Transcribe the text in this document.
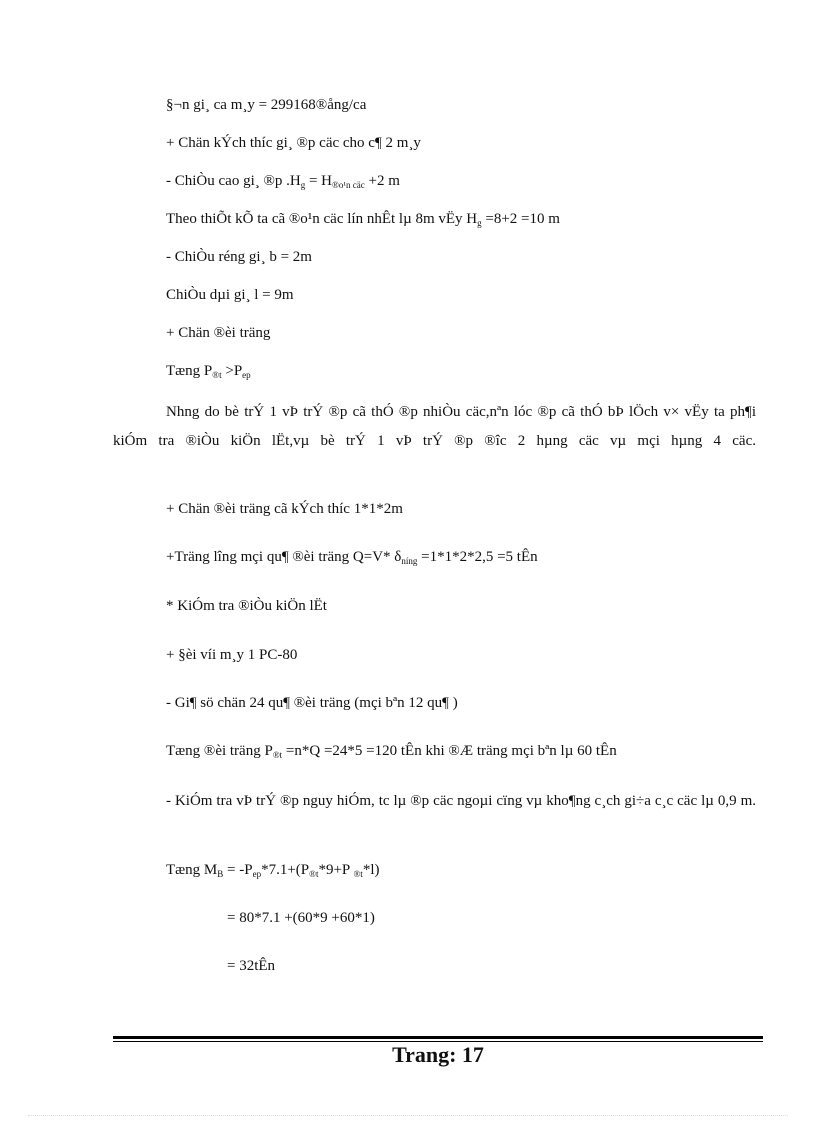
§¬n gi¸ ca m¸y = 299168®ång/ca
+ Chän kÝch thíc gi¸ ®p cäc cho c¶ 2 m¸y
- ChiÒu cao gi¸ ®p $.H_g = H_{®o^1n cäc} +2$ m
Theo thiÕt kÕ ta cã ®o¹n cäc lín nhÊt lµ 8m vËy $H_g =8+2 =10$ m
- ChiÒu réng gi¸ b = 2m
ChiÒu dµi gi¸ l = 9m
+ Chän ®èi träng
Tæng $P_{®t} >P_{ep}$
Nhng do bè trÝ 1 vÞ trÝ ®p cã thÓ ®p nhiÒu cäc,nªn lóc ®p cã thÓ bÞ lÖch v× vËy ta ph¶i kiÓm tra ®iÒu kiÖn lËt,vµ bè trÝ 1 vÞ trÝ ®p ®îc 2 hµng cäc vµ mçi hµng 4 cäc.
+ Chän ®èi träng cã kÝch thíc 1*1*2m
+Träng lîng mçi qu¶ ®èi träng Q=V* $\delta_{níng} =1*1*2*2,5 =5$ tÊn
* KiÓm tra ®iÒu kiÖn lËt
+ §èi víi m¸y 1 PC-80
- Gi¶ sö chän 24 qu¶ ®èi träng (mçi bªn 12 qu¶ )
Tæng ®èi träng $P_{®t} =n*Q =24*5 =120$ tÊn khi ®Æ träng mçi bªn lµ 60 tÊn
- KiÓm tra vÞ trÝ ®p nguy hiÓm, tc lµ ®p cäc ngoµi cïng vµ kho¶ng c¸ch gi÷a c¸c cäc lµ 0,9 m.
Tæng $M_B = -P_{ep}*7.1+(P_{®t}*9+P$ $_{®t}$*l)
= 80*7.1 +(60*9 +60*1)
= 32tÊn
Trang: 17
